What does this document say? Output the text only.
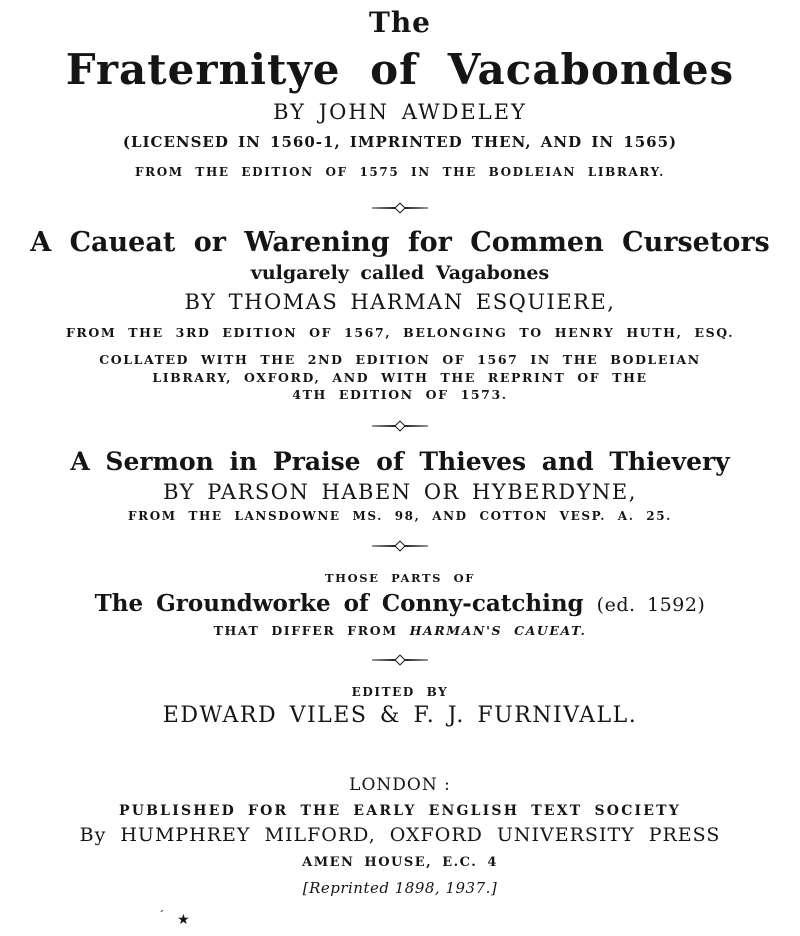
The
Fraternitye of Vacabondes
BY JOHN AWDELEY
(LICENSED IN 1560-1, IMPRINTED THEN, AND IN 1565)
FROM THE EDITION OF 1575 IN THE BODLEIAN LIBRARY.
A Caueat or Warening for Commen Cursetors
vulgarely called Vagabones
BY THOMAS HARMAN ESQUIERE,
FROM THE 3RD EDITION OF 1567, BELONGING TO HENRY HUTH, ESQ.
COLLATED WITH THE 2ND EDITION OF 1567 IN THE BODLEIAN
LIBRARY, OXFORD, AND WITH THE REPRINT OF THE
4TH EDITION OF 1573.
A Sermon in Praise of Thieves and Thievery
BY PARSON HABEN OR HYBERDYNE,
FROM THE LANSDOWNE MS. 98, AND COTTON VESP. A. 25.
THOSE PARTS OF
The Groundworke of Conny-catching (ed. 1592)
THAT DIFFER FROM HARMAN'S CAUEAT.
EDITED BY
EDWARD VILES & F. J. FURNIVALL.
LONDON :
PUBLISHED FOR THE EARLY ENGLISH TEXT SOCIETY
By HUMPHREY MILFORD, OXFORD UNIVERSITY PRESS
AMEN HOUSE, E.C. 4
[Reprinted 1898, 1937.]
´ ★
